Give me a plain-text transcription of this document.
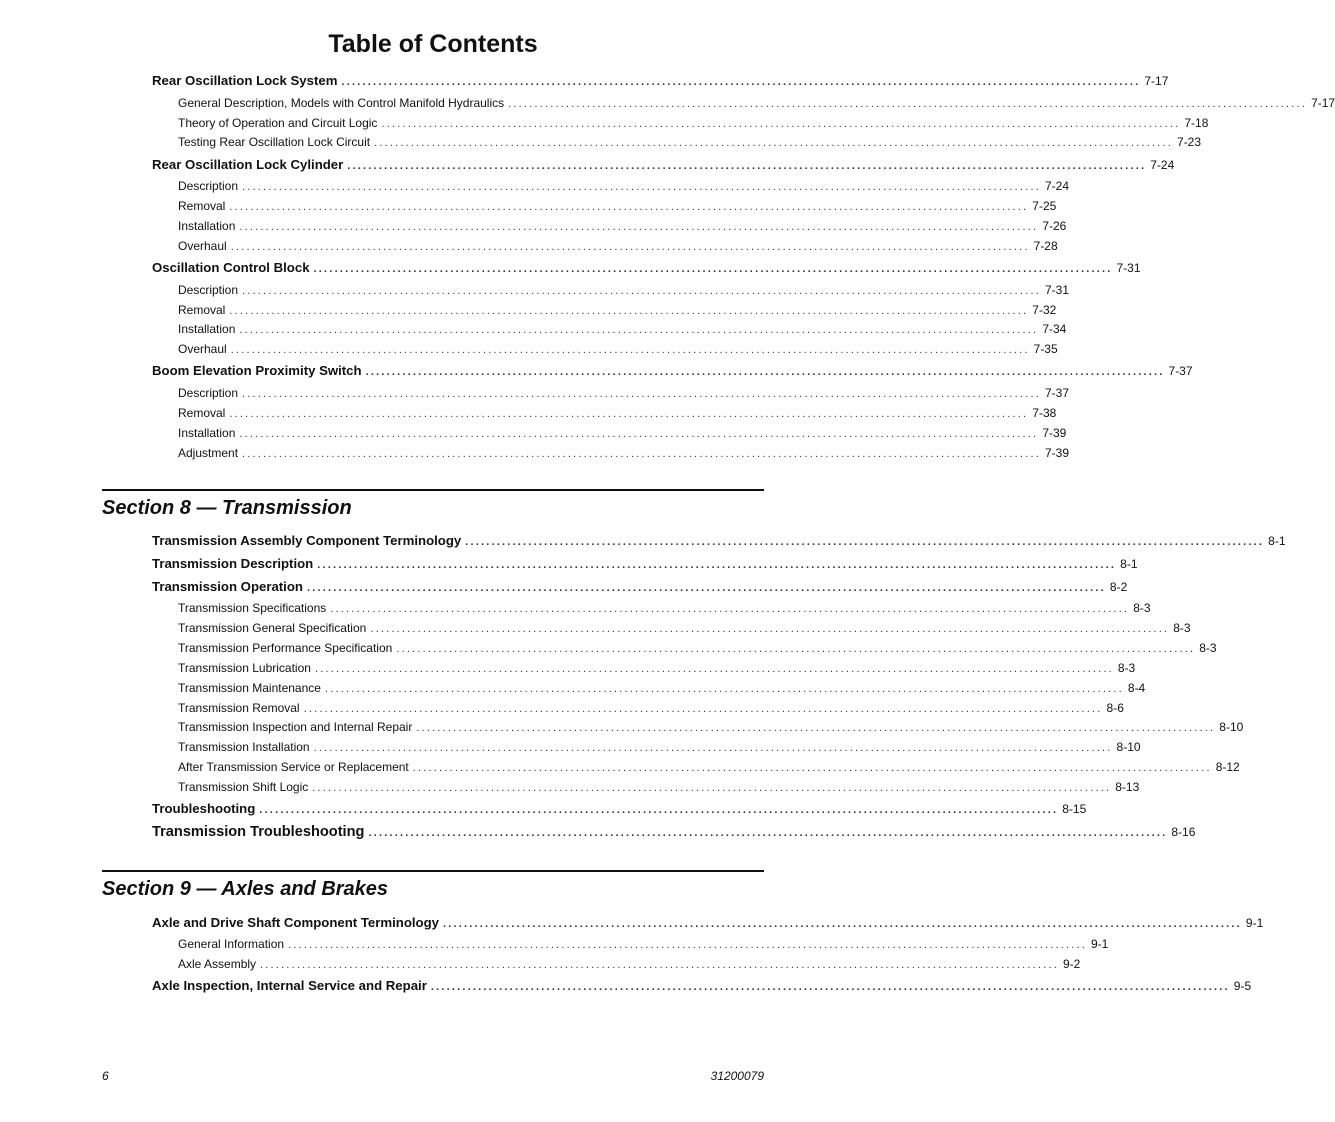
Table of Contents
Rear Oscillation Lock System ........................................................................................................................................................ 7-17
General Description, Models with Control Manifold Hydraulics ........................................................................................................................................................ 7-17
Theory of Operation and Circuit Logic ........................................................................................................................................................ 7-18
Testing Rear Oscillation Lock Circuit ........................................................................................................................................................ 7-23
Rear Oscillation Lock Cylinder ........................................................................................................................................................ 7-24
Description ........................................................................................................................................................ 7-24
Removal ........................................................................................................................................................ 7-25
Installation ........................................................................................................................................................ 7-26
Overhaul ........................................................................................................................................................ 7-28
Oscillation Control Block ........................................................................................................................................................ 7-31
Description ........................................................................................................................................................ 7-31
Removal ........................................................................................................................................................ 7-32
Installation ........................................................................................................................................................ 7-34
Overhaul ........................................................................................................................................................ 7-35
Boom Elevation Proximity Switch ........................................................................................................................................................ 7-37
Description ........................................................................................................................................................ 7-37
Removal ........................................................................................................................................................ 7-38
Installation ........................................................................................................................................................ 7-39
Adjustment ........................................................................................................................................................ 7-39
Section 8 — Transmission
Transmission Assembly Component Terminology ........................................................................................................................................................ 8-1
Transmission Description ........................................................................................................................................................ 8-1
Transmission Operation ........................................................................................................................................................ 8-2
Transmission Specifications ........................................................................................................................................................ 8-3
Transmission General Specification ........................................................................................................................................................ 8-3
Transmission Performance Specification ........................................................................................................................................................ 8-3
Transmission Lubrication ........................................................................................................................................................ 8-3
Transmission Maintenance ........................................................................................................................................................ 8-4
Transmission Removal ........................................................................................................................................................ 8-6
Transmission Inspection and Internal Repair ........................................................................................................................................................ 8-10
Transmission Installation ........................................................................................................................................................ 8-10
After Transmission Service or Replacement ........................................................................................................................................................ 8-12
Transmission Shift Logic ........................................................................................................................................................ 8-13
Troubleshooting ........................................................................................................................................................ 8-15
Transmission Troubleshooting ........................................................................................................................................................ 8-16
Section 9 — Axles and Brakes
Axle and Drive Shaft Component Terminology ........................................................................................................................................................ 9-1
General Information ........................................................................................................................................................ 9-1
Axle Assembly ........................................................................................................................................................ 9-2
Axle Inspection, Internal Service and Repair ........................................................................................................................................................ 9-5
6	31200079
